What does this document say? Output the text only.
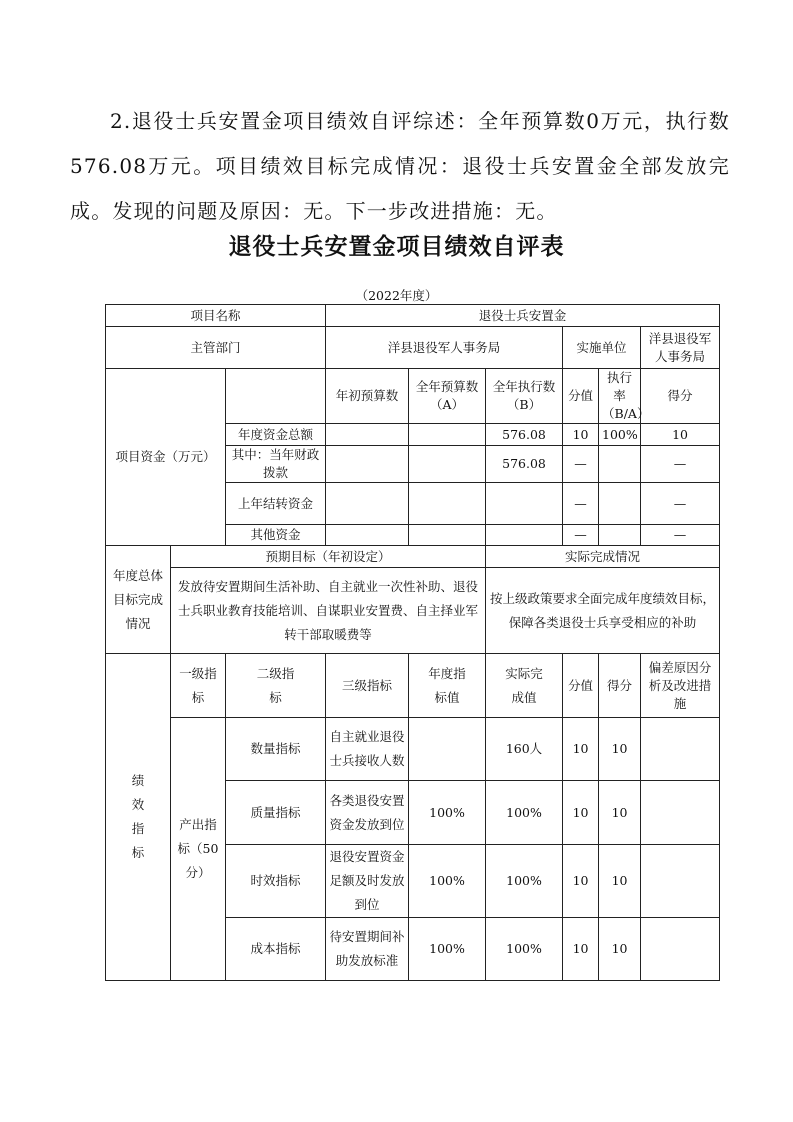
2.退役士兵安置金项目绩效自评综述：全年预算数0万元，执行数576.08万元。项目绩效目标完成情况：退役士兵安置金全部发放完成。发现的问题及原因：无。下一步改进措施：无。

退役士兵安置金项目绩效自评表
（2022年度）
项目名称			退役士兵安置金					
主管部门			洋县退役军人事务局			实施单位		洋县退役军人事务局
项目资金（万元）			年初预算数	全年预算数（A）	全年执行数（B）	分值	执行率（B/A）	得分
		年度资金总额			576.08	10	100%	10
		其中：当年财政拨款			576.08	—		—
		上年结转资金				—		—
		其他资金				—		—
年度总体目标完成情况	预期目标（年初设定）				实际完成情况			
	发放待安置期间生活补助、自主就业一次性补助、退役士兵职业教育技能培训、自谋职业安置费、自主择业军转干部取暖费等				按上级政策要求全面完成年度绩效目标，保障各类退役士兵享受相应的补助			
绩效指标	一级指标	二级指标	三级指标	年度指标值	实际完成值	分值	得分	偏差原因分析及改进措施
	产出指标（50分）	数量指标	自主就业退役士兵接收人数		160人	10	10	
		质量指标	各类退役安置资金发放到位	100%	100%	10	10	
		时效指标	退役安置资金足额及时发放到位	100%	100%	10	10	
		成本指标	待安置期间补助发放标准	100%	100%	10	10	
